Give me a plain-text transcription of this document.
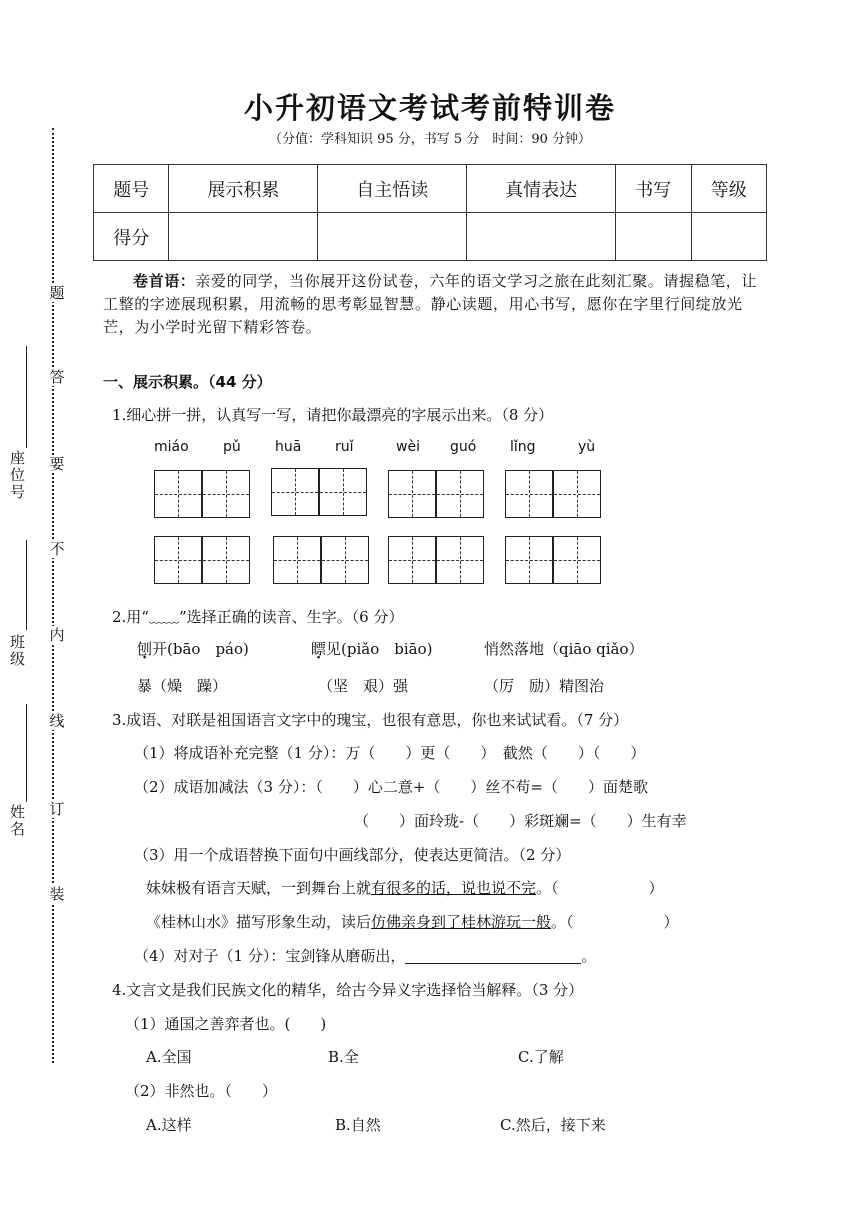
小升初语文考试考前特训卷
（分值：学科知识 95 分，书写 5 分　时间：90 分钟）
题
答
要
不
内
线
订
装
座位号
班级
姓名
题号	展示积累	自主悟读	真情表达	书写	等级
得分					
卷首语：亲爱的同学，当你展开这份试卷，六年的语文学习之旅在此刻汇聚。请握稳笔，让工整的字迹展现积累，用流畅的思考彰显智慧。静心读题，用心书写，愿你在字里行间绽放光芒，为小学时光留下精彩答卷。
一、展示积累。（44 分）
1.细心拼一拼，认真写一写，请把你最漂亮的字展示出来。（8 分）
miáo pǔ huā ruǐ	wèi guó lǐng	yù
2.用“﹏﹏”选择正确的读音、生字。（6 分）
刨开(bāo　páo)	瞟见(piǎo　biāo)	悄然落地（qiāo qiǎo）
暴（燥　躁）	（坚　艰）强	（厉　励）精图治
3.成语、对联是祖国语言文字中的瑰宝，也很有意思，你也来试试看。（7 分）
（1）将成语补充完整（1 分）：万（　　）更（　　）　截然（　　）（　　）
（2）成语加减法（3 分）：（　　）心二意+（　　）丝不苟=（　　）面楚歌
（　　）面玲珑-（　　）彩斑斓=（　　）生有幸
（3）用一个成语替换下面句中画线部分，使表达更简洁。（2 分）
妹妹极有语言天赋，一到舞台上就有很多的话，说也说不完。（　　　　　　）
《桂林山水》描写形象生动，读后仿佛亲身到了桂林游玩一般。（　　　　　　）
（4）对对子（1 分）：宝剑锋从磨砺出，	。
4.文言文是我们民族文化的精华，给古今异义字选择恰当解释。（3 分）
（1）通国之善弈者也。(　　)
A.全国	B.全	C.了解
（2）非然也。（　　）
A.这样	B.自然	C.然后，接下来
